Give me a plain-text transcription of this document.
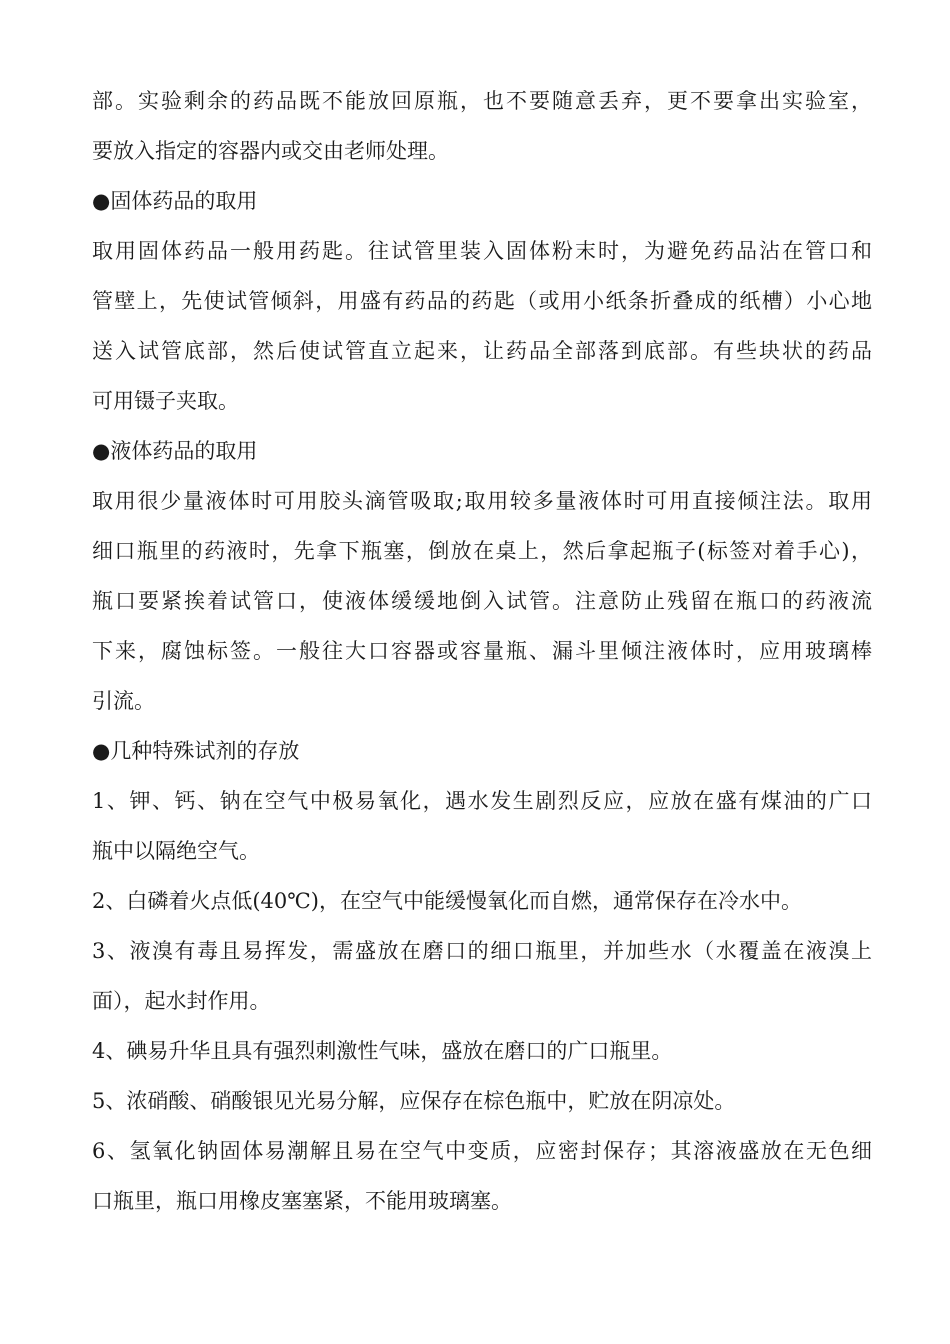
部。实验剩余的药品既不能放回原瓶，也不要随意丢弃，更不要拿出实验室，
要放入指定的容器内或交由老师处理。
●固体药品的取用
取用固体药品一般用药匙。往试管里装入固体粉末时，为避免药品沾在管口和
管壁上，先使试管倾斜，用盛有药品的药匙（或用小纸条折叠成的纸槽）小心地
送入试管底部，然后使试管直立起来，让药品全部落到底部。有些块状的药品
可用镊子夹取。
●液体药品的取用
取用很少量液体时可用胶头滴管吸取;取用较多量液体时可用直接倾注法。取用
细口瓶里的药液时，先拿下瓶塞，倒放在桌上，然后拿起瓶子(标签对着手心)，
瓶口要紧挨着试管口，使液体缓缓地倒入试管。注意防止残留在瓶口的药液流
下来，腐蚀标签。一般往大口容器或容量瓶、漏斗里倾注液体时，应用玻璃棒
引流。
●几种特殊试剂的存放
1、钾、钙、钠在空气中极易氧化，遇水发生剧烈反应，应放在盛有煤油的广口
瓶中以隔绝空气。
2、白磷着火点低(40℃)，在空气中能缓慢氧化而自燃，通常保存在冷水中。
3、液溴有毒且易挥发，需盛放在磨口的细口瓶里，并加些水（水覆盖在液溴上
面），起水封作用。
4、碘易升华且具有强烈刺激性气味，盛放在磨口的广口瓶里。
5、浓硝酸、硝酸银见光易分解，应保存在棕色瓶中，贮放在阴凉处。
6、氢氧化钠固体易潮解且易在空气中变质，应密封保存；其溶液盛放在无色细
口瓶里，瓶口用橡皮塞塞紧，不能用玻璃塞。
